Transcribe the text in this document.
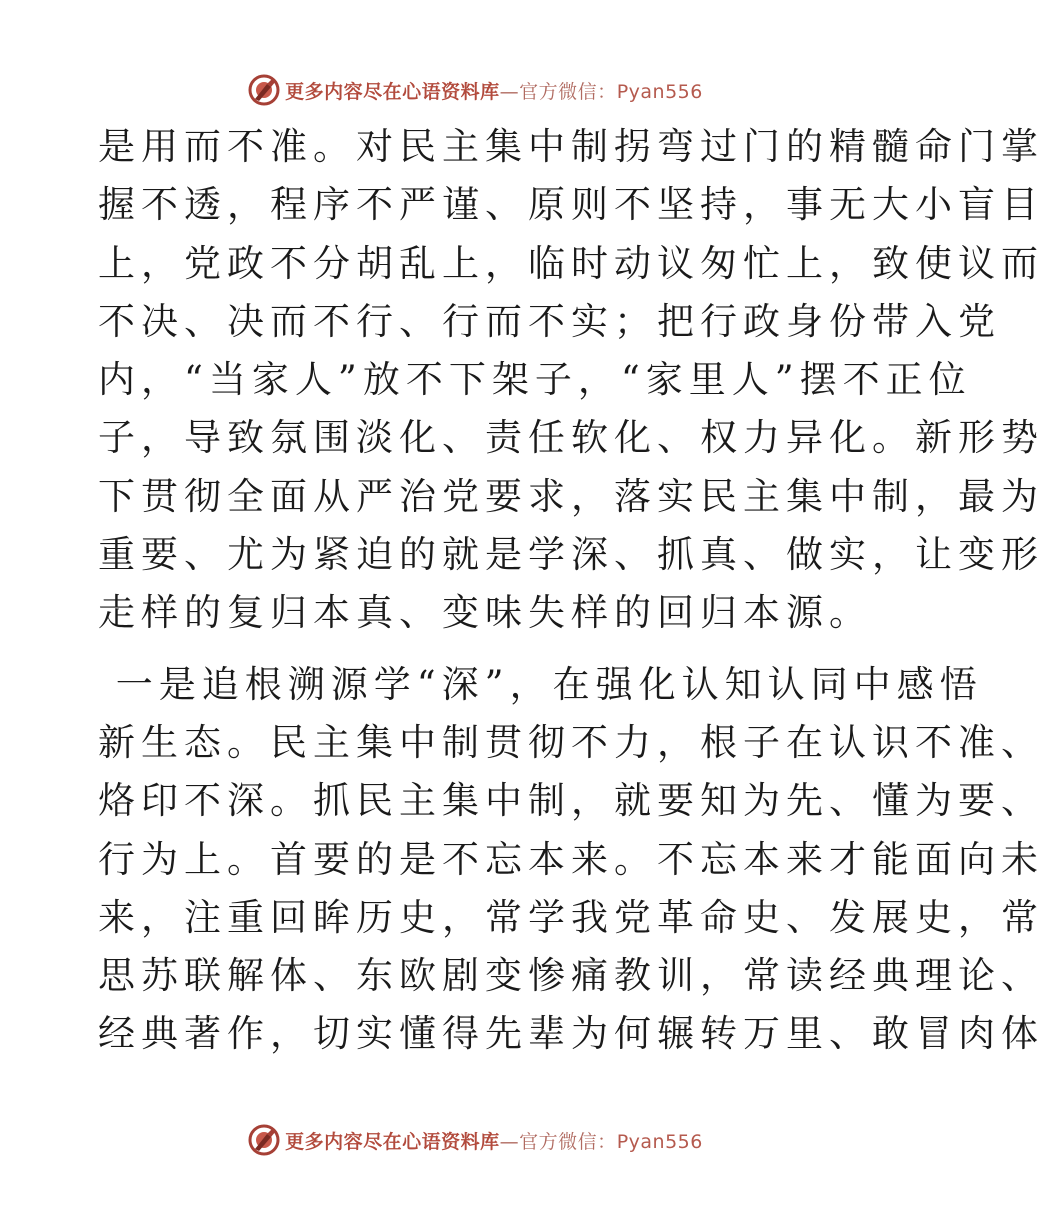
更多内容尽在心语资料库—官方微信：Pyan556

是用而不准。对民主集中制拐弯过门的精髓命门掌
握不透，程序不严谨、原则不坚持，事无大小盲目
上，党政不分胡乱上，临时动议匆忙上，致使议而
不决、决而不行、行而不实；把行政身份带入党
内，“当家人”放不下架子，“家里人”摆不正位
子，导致氛围淡化、责任软化、权力异化。新形势
下贯彻全面从严治党要求，落实民主集中制，最为
重要、尤为紧迫的就是学深、抓真、做实，让变形
走样的复归本真、变味失样的回归本源。

一是追根溯源学“深”，在强化认知认同中感悟
新生态。民主集中制贯彻不力，根子在认识不准、
烙印不深。抓民主集中制，就要知为先、懂为要、
行为上。首要的是不忘本来。不忘本来才能面向未
来，注重回眸历史，常学我党革命史、发展史，常
思苏联解体、东欧剧变惨痛教训，常读经典理论、
经典著作，切实懂得先辈为何辗转万里、敢冒肉体

更多内容尽在心语资料库—官方微信：Pyan556
